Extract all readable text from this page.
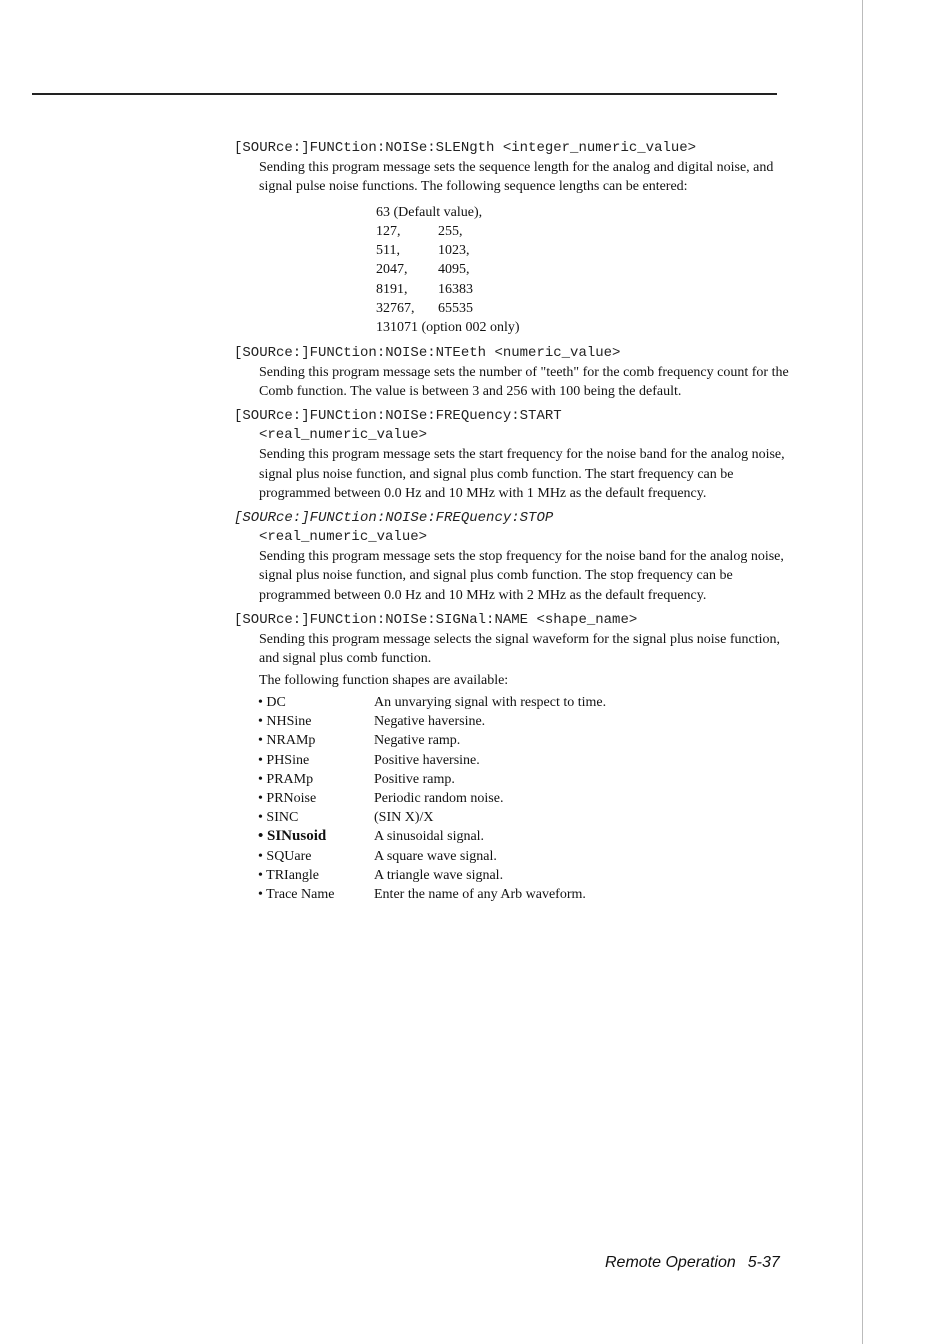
[SOURce:]FUNCtion:NOISe:SLENgth <integer_numeric_value>

Sending this program message sets the sequence length for the analog and digital noise, and signal pulse noise functions. The following sequence lengths can be entered:

63 (Default value),
127,	255,
511,	1023,
2047,	4095,
8191,	16383
32767,	65535
131071 (option 002 only)
[SOURce:]FUNCtion:NOISe:NTEeth <numeric_value>

Sending this program message sets the number of "teeth" for the comb frequency count for the Comb function. The value is between 3 and 256 with 100 being the default.

[SOURce:]FUNCtion:NOISe:FREQuency:START
<real_numeric_value>

Sending this program message sets the start frequency for the noise band for the analog noise, signal plus noise function, and signal plus comb function. The start frequency can be programmed between 0.0 Hz and 10 MHz with 1 MHz as the default frequency.

[SOURce:]FUNCtion:NOISe:FREQuency:STOP
<real_numeric_value>

Sending this program message sets the stop frequency for the noise band for the analog noise, signal plus noise function, and signal plus comb function. The stop frequency can be programmed between 0.0 Hz and 10 MHz with 2 MHz as the default frequency.

[SOURce:]FUNCtion:NOISe:SIGNal:NAME <shape_name>

Sending this program message selects the signal waveform for the signal plus noise function, and signal plus comb function.

The following function shapes are available:

• DC	An unvarying signal with respect to time.
• NHSine	Negative haversine.
• NRAMp	Negative ramp.
• PHSine	Positive haversine.
• PRAMp	Positive ramp.
• PRNoise	Periodic random noise.
• SINC	(SIN X)/X
• SINusoid	A sinusoidal signal.
• SQUare	A square wave signal.
• TRIangle	A triangle wave signal.
• Trace Name	Enter the name of any Arb waveform.
Remote Operation 5-37
